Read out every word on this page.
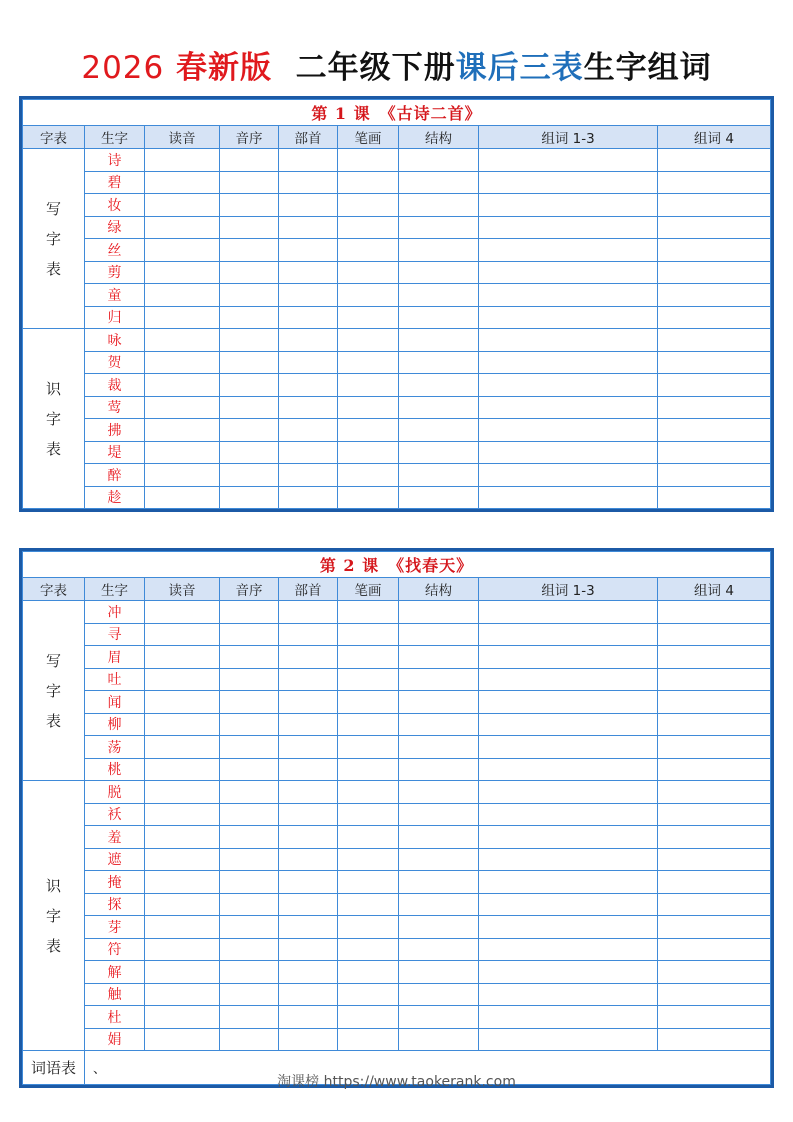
2026 春新版 二年级下册课后三表生字组词
第 1 课　《古诗二首》								
字表	生字	读音	音序	部首	笔画	结构	组词 1-3	组词 4

写
字
表	诗							
	碧							
	妆							
	绿							
	丝							
	剪							
	童							
	归							

识
字
表	咏							
	贺							
	裁							
	莺							
	拂							
	堤							
	醉							
	趁							
第 2 课　《找春天》								
字表	生字	读音	音序	部首	笔画	结构	组词 1-3	组词 4

写
字
表	冲							
	寻							
	眉							
	吐							
	闻							
	柳							
	荡							
	桃							

识
字
表	脱							
	袄							
	羞							
	遮							
	掩							
	探							
	芽							
	符							
	解							
	触							
	杜							
	娟							
词语表	、							
淘课榜 https://www.taokerank.com
